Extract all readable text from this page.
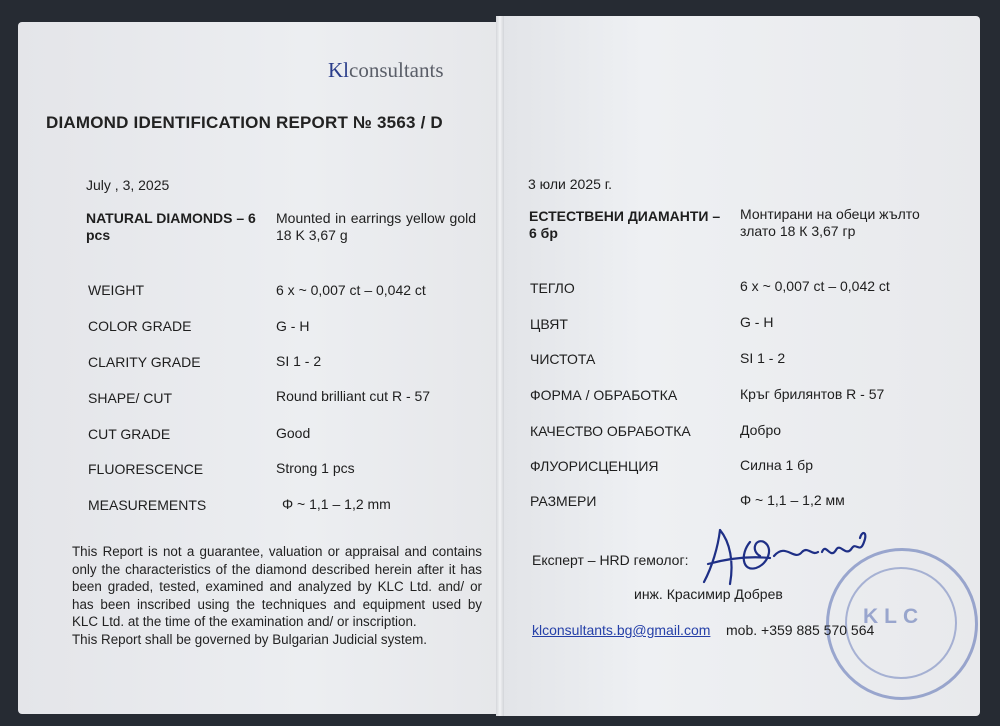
Klconsultants
DIAMOND IDENTIFICATION REPORT № 3563 / D
July , 3, 2025	3 юли 2025 г.
NATURAL DIAMONDS – 6 pcs
Mounted in earrings yellow gold 18 K 3,67 g
ЕСТЕСТВЕНИ ДИАМАНТИ – 6 бр
Монтирани на обеци жълто злато 18 К 3,67 гр
WEIGHT	6 x ~ 0,007 ct – 0,042 ct
COLOR GRADE	G - H
CLARITY GRADE	SI 1 - 2
SHAPE/ CUT	Round brilliant cut R - 57
CUT GRADE	Good
FLUORESCENCE	Strong 1 pcs
MEASUREMENTS	Φ ~ 1,1 – 1,2 mm
ТЕГЛО	6 x ~ 0,007 ct – 0,042 ct
ЦВЯТ	G - H
ЧИСТОТА	SI 1 - 2
ФОРМА / ОБРАБОТКА	Кръг брилянтов R - 57
КАЧЕСТВО ОБРАБОТКА	Добро
ФЛУОРИСЦЕНЦИЯ	Силна 1 бр
РАЗМЕРИ	Φ ~ 1,1 – 1,2 мм
This Report is not a guarantee, valuation or appraisal and contains
only the characteristics of the diamond described herein after it has
been graded, tested, examined and analyzed by KLC Ltd. and/ or
has been inscribed using the techniques and equipment used by
KLC Ltd. at the time of the examination and/ or inscription.
This Report shall be governed by Bulgarian Judicial system.
KLC
Експерт – HRD гемолог:
инж. Красимир Добрев
klconsultants.bg@gmail.com mob. +359 885 570 564
